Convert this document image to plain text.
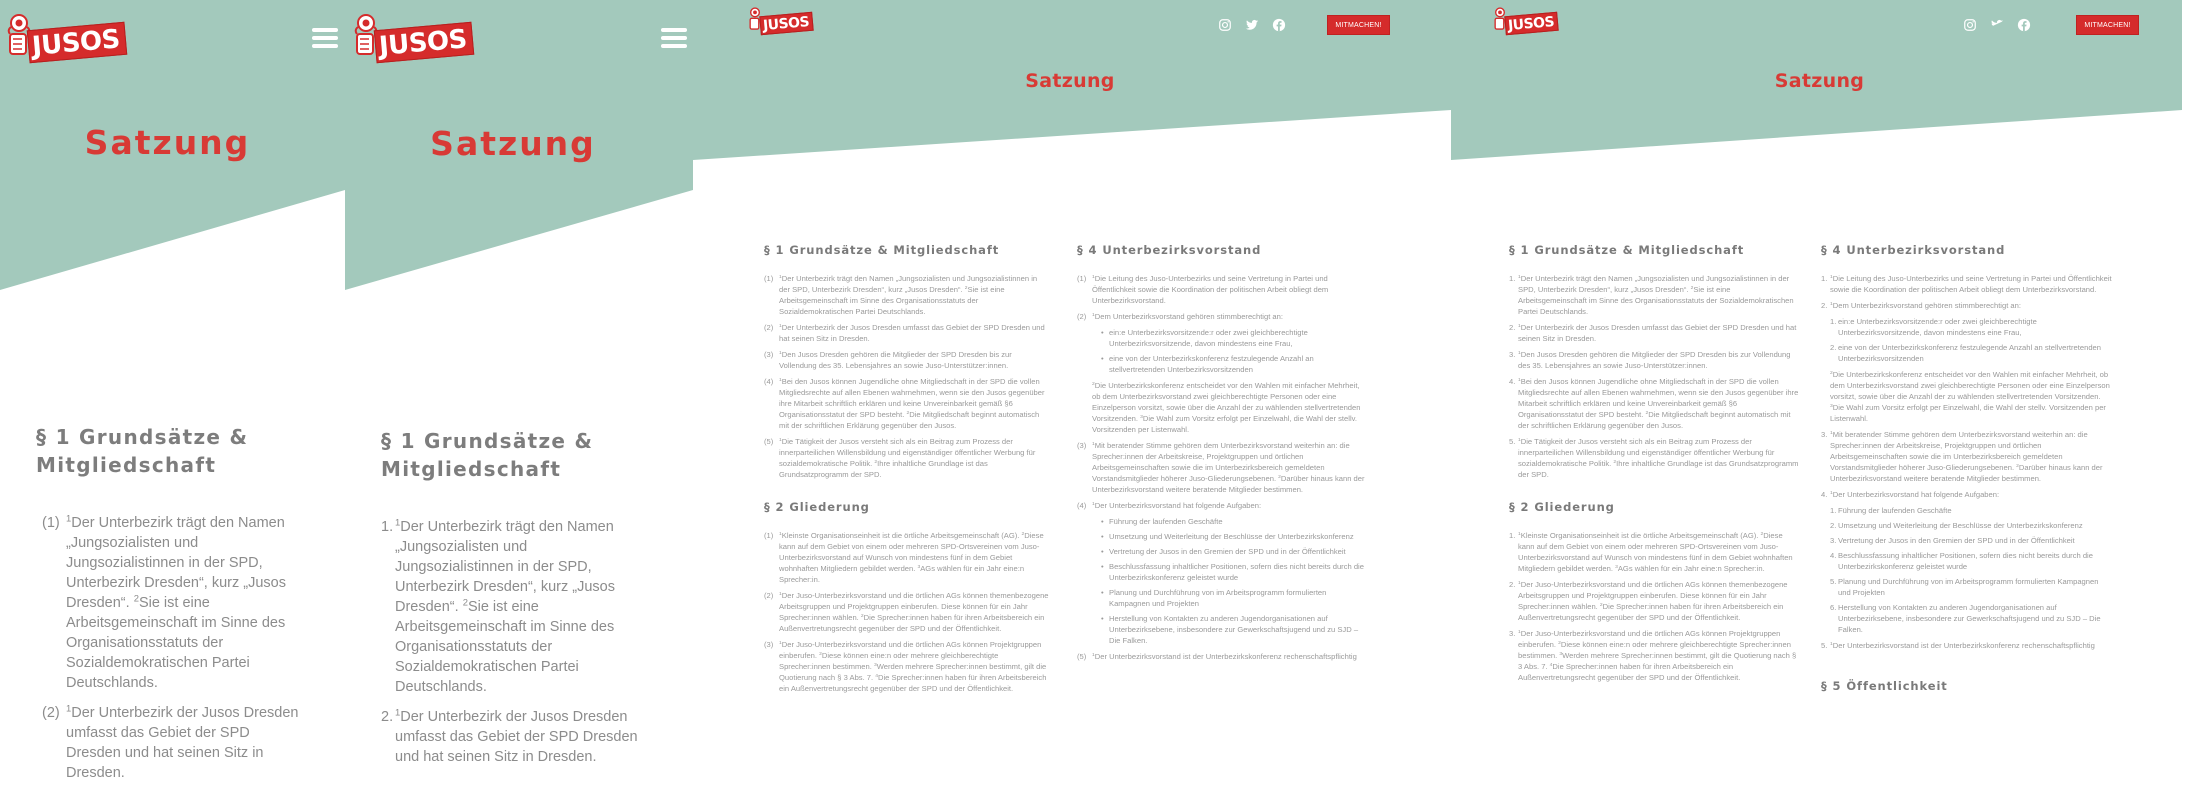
JUSOS
Satzung
§ 1 Grundsätze & Mitgliedschaft
(1) $^1$Der Unterbezirk trägt den Namen „Jungsozialisten und Jungsozialistinnen in der SPD, Unterbezirk Dresden“, kurz „Jusos Dresden“. $^2$Sie ist eine Arbeitsgemeinschaft im Sinne des Organisationsstatuts der Sozialdemokratischen Partei Deutschlands.
(2) $^1$Der Unterbezirk der Jusos Dresden umfasst das Gebiet der SPD Dresden und hat seinen Sitz in Dresden.
JUSOS
Satzung
§ 1 Grundsätze & Mitgliedschaft
1. $^1$Der Unterbezirk trägt den Namen „Jungsozialisten und Jungsozialistinnen in der SPD, Unterbezirk Dresden“, kurz „Jusos Dresden“. $^2$Sie ist eine Arbeitsgemeinschaft im Sinne des Organisationsstatuts der Sozialdemokratischen Partei Deutschlands.
2. $^1$Der Unterbezirk der Jusos Dresden umfasst das Gebiet der SPD Dresden und hat seinen Sitz in Dresden.
JUSOS	MITMACHEN!
Satzung
§ 1 Grundsätze & Mitgliedschaft
(1) $^1$Der Unterbezirk trägt den Namen „Jungsozialisten und Jungsozialistinnen in der SPD, Unterbezirk Dresden“, kurz „Jusos Dresden“. $^2$Sie ist eine Arbeitsgemeinschaft im Sinne des Organisationsstatuts der Sozialdemokratischen Partei Deutschlands.
(2) $^1$Der Unterbezirk der Jusos Dresden umfasst das Gebiet der SPD Dresden und hat seinen Sitz in Dresden.
(3) $^1$Den Jusos Dresden gehören die Mitglieder der SPD Dresden bis zur Vollendung des 35. Lebensjahres an sowie Juso-Unterstützer:innen.
(4) $^1$Bei den Jusos können Jugendliche ohne Mitgliedschaft in der SPD die vollen Mitgliedsrechte auf allen Ebenen wahrnehmen, wenn sie den Jusos gegenüber ihre Mitarbeit schriftlich erklären und keine Unvereinbarkeit gemäß §6 Organisationsstatut der SPD besteht. $^2$Die Mitgliedschaft beginnt automatisch mit der schriftlichen Erklärung gegenüber den Jusos.
(5) $^1$Die Tätigkeit der Jusos versteht sich als ein Beitrag zum Prozess der innerparteilichen Willensbildung und eigenständiger öffentlicher Werbung für sozialdemokratische Politik. $^2$Ihre inhaltliche Grundlage ist das Grundsatzprogramm der SPD.
§ 2 Gliederung
(1) $^1$Kleinste Organisationseinheit ist die örtliche Arbeitsgemeinschaft (AG). $^2$Diese kann auf dem Gebiet von einem oder mehreren SPD-Ortsvereinen vom Juso-Unterbezirksvorstand auf Wunsch von mindestens fünf in dem Gebiet wohnhaften Mitgliedern gebildet werden. $^3$AGs wählen für ein Jahr eine:n Sprecher:in.
(2) $^1$Der Juso-Unterbezirksvorstand und die örtlichen AGs können themenbezogene Arbeitsgruppen und Projektgruppen einberufen. Diese können für ein Jahr Sprecher:innen wählen. $^2$Die Sprecher:innen haben für ihren Arbeitsbereich ein Außenvertretungsrecht gegenüber der SPD und der Öffentlichkeit.
(3) $^1$Der Juso-Unterbezirksvorstand und die örtlichen AGs können Projektgruppen einberufen. $^2$Diese können eine:n oder mehrere gleichberechtigte Sprecher:innen bestimmen. $^3$Werden mehrere Sprecher:innen bestimmt, gilt die Quotierung nach § 3 Abs. 7. $^4$Die Sprecher:innen haben für ihren Arbeitsbereich ein Außenvertretungsrecht gegenüber der SPD und der Öffentlichkeit.
§ 4 Unterbezirksvorstand
(1) $^1$Die Leitung des Juso-Unterbezirks und seine Vertretung in Partei und Öffentlichkeit sowie die Koordination der politischen Arbeit obliegt dem Unterbezirksvorstand.
(2) $^1$Dem Unterbezirksvorstand gehören stimmberechtigt an:
• ein:e Unterbezirksvorsitzende:r oder zwei gleichberechtigte Unterbezirksvorsitzende, davon mindestens eine Frau,
• eine von der Unterbezirkskonferenz festzulegende Anzahl an stellvertretenden Unterbezirksvorsitzenden
$^2$Die Unterbezirkskonferenz entscheidet vor den Wahlen mit einfacher Mehrheit, ob dem Unterbezirksvorstand zwei gleichberechtigte Personen oder eine Einzelperson vorsitzt, sowie über die Anzahl der zu wählenden stellvertretenden Vorsitzenden. $^3$Die Wahl zum Vorsitz erfolgt per Einzelwahl, die Wahl der stellv. Vorsitzenden per Listenwahl.
(3) $^1$Mit beratender Stimme gehören dem Unterbezirksvorstand weiterhin an: die Sprecher:innen der Arbeitskreise, Projektgruppen und örtlichen Arbeitsgemeinschaften sowie die im Unterbezirksbereich gemeldeten Vorstandsmitglieder höherer Juso-Gliederungsebenen. $^2$Darüber hinaus kann der Unterbezirksvorstand weitere beratende Mitglieder bestimmen.
(4) $^1$Der Unterbezirksvorstand hat folgende Aufgaben:
• Führung der laufenden Geschäfte
• Umsetzung und Weiterleitung der Beschlüsse der Unterbezirkskonferenz
• Vertretung der Jusos in den Gremien der SPD und in der Öffentlichkeit
• Beschlussfassung inhaltlicher Positionen, sofern dies nicht bereits durch die Unterbezirkskonferenz geleistet wurde
• Planung und Durchführung von im Arbeitsprogramm formulierten Kampagnen und Projekten
• Herstellung von Kontakten zu anderen Jugendorganisationen auf Unterbezirksebene, insbesondere zur Gewerkschaftsjugend und zu SJD – Die Falken.
(5) $^1$Der Unterbezirksvorstand ist der Unterbezirkskonferenz rechenschaftspflichtig
JUSOS	MITMACHEN!
Satzung
§ 1 Grundsätze & Mitgliedschaft
1. $^1$Der Unterbezirk trägt den Namen „Jungsozialisten und Jungsozialistinnen in der SPD, Unterbezirk Dresden“, kurz „Jusos Dresden“. $^2$Sie ist eine Arbeitsgemeinschaft im Sinne des Organisationsstatuts der Sozialdemokratischen Partei Deutschlands.
2. $^1$Der Unterbezirk der Jusos Dresden umfasst das Gebiet der SPD Dresden und hat seinen Sitz in Dresden.
3. $^1$Den Jusos Dresden gehören die Mitglieder der SPD Dresden bis zur Vollendung des 35. Lebensjahres an sowie Juso-Unterstützer:innen.
4. $^1$Bei den Jusos können Jugendliche ohne Mitgliedschaft in der SPD die vollen Mitgliedsrechte auf allen Ebenen wahrnehmen, wenn sie den Jusos gegenüber ihre Mitarbeit schriftlich erklären und keine Unvereinbarkeit gemäß §6 Organisationsstatut der SPD besteht. $^2$Die Mitgliedschaft beginnt automatisch mit der schriftlichen Erklärung gegenüber den Jusos.
5. $^1$Die Tätigkeit der Jusos versteht sich als ein Beitrag zum Prozess der innerparteilichen Willensbildung und eigenständiger öffentlicher Werbung für sozialdemokratische Politik. $^2$Ihre inhaltliche Grundlage ist das Grundsatzprogramm der SPD.
§ 2 Gliederung
1. $^1$Kleinste Organisationseinheit ist die örtliche Arbeitsgemeinschaft (AG). $^2$Diese kann auf dem Gebiet von einem oder mehreren SPD-Ortsvereinen vom Juso-Unterbezirksvorstand auf Wunsch von mindestens fünf in dem Gebiet wohnhaften Mitgliedern gebildet werden. $^3$AGs wählen für ein Jahr eine:n Sprecher:in.
2. $^1$Der Juso-Unterbezirksvorstand und die örtlichen AGs können themenbezogene Arbeitsgruppen und Projektgruppen einberufen. Diese können für ein Jahr Sprecher:innen wählen. $^2$Die Sprecher:innen haben für ihren Arbeitsbereich ein Außenvertretungsrecht gegenüber der SPD und der Öffentlichkeit.
3. $^1$Der Juso-Unterbezirksvorstand und die örtlichen AGs können Projektgruppen einberufen. $^2$Diese können eine:n oder mehrere gleichberechtigte Sprecher:innen bestimmen. $^3$Werden mehrere Sprecher:innen bestimmt, gilt die Quotierung nach § 3 Abs. 7. $^4$Die Sprecher:innen haben für ihren Arbeitsbereich ein Außenvertretungsrecht gegenüber der SPD und der Öffentlichkeit.
§ 4 Unterbezirksvorstand
1. $^1$Die Leitung des Juso-Unterbezirks und seine Vertretung in Partei und Öffentlichkeit sowie die Koordination der politischen Arbeit obliegt dem Unterbezirksvorstand.
2. $^1$Dem Unterbezirksvorstand gehören stimmberechtigt an:
1. ein:e Unterbezirksvorsitzende:r oder zwei gleichberechtigte Unterbezirksvorsitzende, davon mindestens eine Frau,
2. eine von der Unterbezirkskonferenz festzulegende Anzahl an stellvertretenden Unterbezirksvorsitzenden
$^2$Die Unterbezirkskonferenz entscheidet vor den Wahlen mit einfacher Mehrheit, ob dem Unterbezirksvorstand zwei gleichberechtigte Personen oder eine Einzelperson vorsitzt, sowie über die Anzahl der zu wählenden stellvertretenden Vorsitzenden. $^3$Die Wahl zum Vorsitz erfolgt per Einzelwahl, die Wahl der stellv. Vorsitzenden per Listenwahl.
3. $^1$Mit beratender Stimme gehören dem Unterbezirksvorstand weiterhin an: die Sprecher:innen der Arbeitskreise, Projektgruppen und örtlichen Arbeitsgemeinschaften sowie die im Unterbezirksbereich gemeldeten Vorstandsmitglieder höherer Juso-Gliederungsebenen. $^2$Darüber hinaus kann der Unterbezirksvorstand weitere beratende Mitglieder bestimmen.
4. $^1$Der Unterbezirksvorstand hat folgende Aufgaben:
1. Führung der laufenden Geschäfte
2. Umsetzung und Weiterleitung der Beschlüsse der Unterbezirkskonferenz
3. Vertretung der Jusos in den Gremien der SPD und in der Öffentlichkeit
4. Beschlussfassung inhaltlicher Positionen, sofern dies nicht bereits durch die Unterbezirkskonferenz geleistet wurde
5. Planung und Durchführung von im Arbeitsprogramm formulierten Kampagnen und Projekten
6. Herstellung von Kontakten zu anderen Jugendorganisationen auf Unterbezirksebene, insbesondere zur Gewerkschaftsjugend und zu SJD – Die Falken.
5. $^1$Der Unterbezirksvorstand ist der Unterbezirkskonferenz rechenschaftspflichtig
§ 5 Öffentlichkeit
